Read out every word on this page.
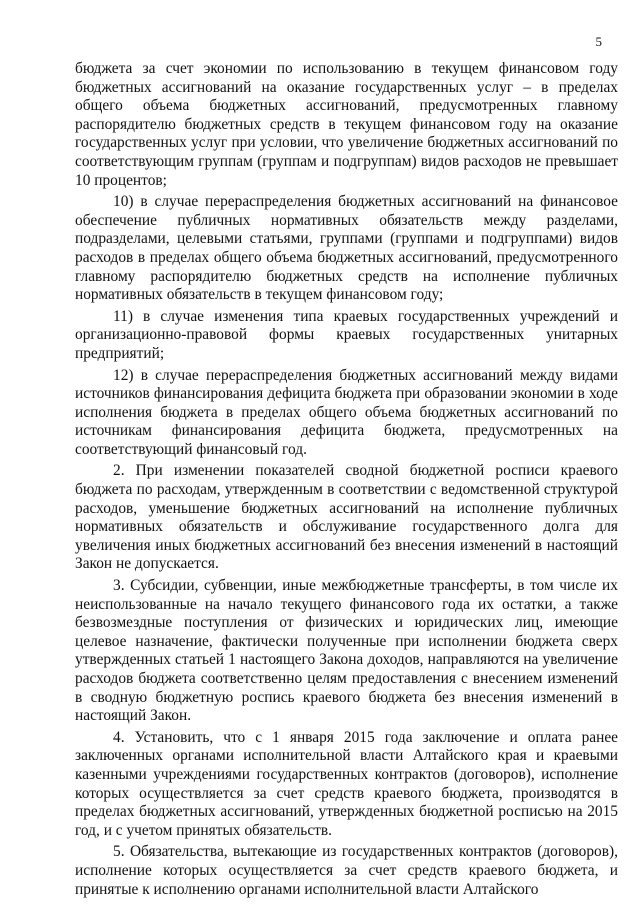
5

бюджета за счет экономии по использованию в текущем финансовом году бюджетных ассигнований на оказание государственных услуг – в пределах общего объема бюджетных ассигнований, предусмотренных главному распорядителю бюджетных средств в текущем финансовом году на оказание государственных услуг при условии, что увеличение бюджетных ассигнований по соответствующим группам (группам и подгруппам) видов расходов не превышает 10 процентов;

10) в случае перераспределения бюджетных ассигнований на финансовое обеспечение публичных нормативных обязательств между разделами, подразделами, целевыми статьями, группами (группами и подгруппами) видов расходов в пределах общего объема бюджетных ассигнований, предусмотренного главному распорядителю бюджетных средств на исполнение публичных нормативных обязательств в текущем финансовом году;

11) в случае изменения типа краевых государственных учреждений и организационно-правовой формы краевых государственных унитарных предприятий;

12) в случае перераспределения бюджетных ассигнований между видами источников финансирования дефицита бюджета при образовании экономии в ходе исполнения бюджета в пределах общего объема бюджетных ассигнований по источникам финансирования дефицита бюджета, предусмотренных на соответствующий финансовый год.

2. При изменении показателей сводной бюджетной росписи краевого бюджета по расходам, утвержденным в соответствии с ведомственной структурой расходов, уменьшение бюджетных ассигнований на исполнение публичных нормативных обязательств и обслуживание государственного долга для увеличения иных бюджетных ассигнований без внесения изменений в настоящий Закон не допускается.

3. Субсидии, субвенции, иные межбюджетные трансферты, в том числе их неиспользованные на начало текущего финансового года их остатки, а также безвозмездные поступления от физических и юридических лиц, имеющие целевое назначение, фактически полученные при исполнении бюджета сверх утвержденных статьей 1 настоящего Закона доходов, направляются на увеличение расходов бюджета соответственно целям предоставления с внесением изменений в сводную бюджетную роспись краевого бюджета без внесения изменений в настоящий Закон.

4. Установить, что с 1 января 2015 года заключение и оплата ранее заключенных органами исполнительной власти Алтайского края и краевыми казенными учреждениями государственных контрактов (договоров), исполнение которых осуществляется за счет средств краевого бюджета, производятся в пределах бюджетных ассигнований, утвержденных бюджетной росписью на 2015 год, и с учетом принятых обязательств.

5. Обязательства, вытекающие из государственных контрактов (договоров), исполнение которых осуществляется за счет средств краевого бюджета, и принятые к исполнению органами исполнительной власти Алтайского
